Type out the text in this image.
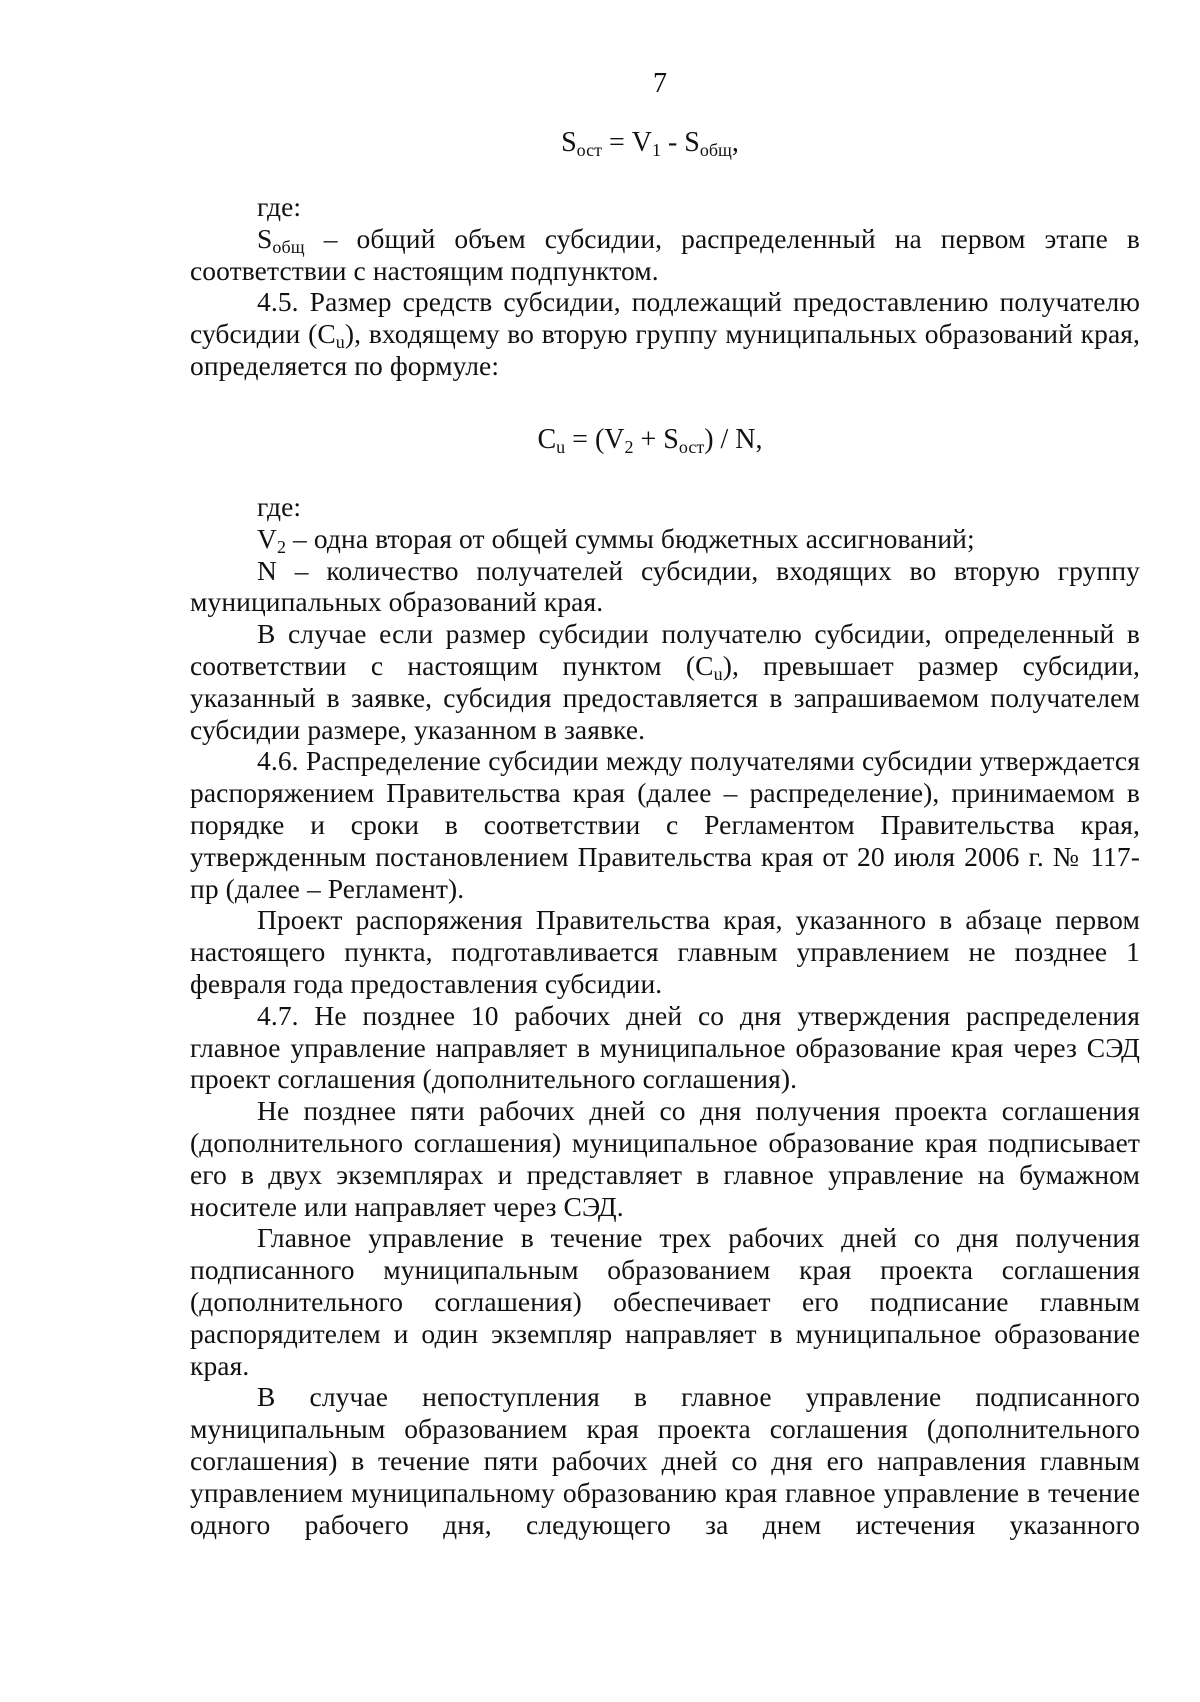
7
$S_{ост} = V_1 - S_{общ}$,

где:

$S_{общ}$ – общий объем субсидии, распределенный на первом этапе в соответствии с настоящим подпунктом.

4.5. Размер средств субсидии, подлежащий предоставлению получателю субсидии $(C_u)$, входящему во вторую группу муниципальных образований края, определяется по формуле:

$C_u = (V_2 + S_{ост}) / N$,

где:

$V_2$ – одна вторая от общей суммы бюджетных ассигнований;

N – количество получателей субсидии, входящих во вторую группу муниципальных образований края.

В случае если размер субсидии получателю субсидии, определенный в соответствии с настоящим пунктом $(C_u)$, превышает размер субсидии, указанный в заявке, субсидия предоставляется в запрашиваемом получателем субсидии размере, указанном в заявке.

4.6. Распределение субсидии между получателями субсидии утверждается распоряжением Правительства края (далее – распределение), принимаемом в порядке и сроки в соответствии с Регламентом Правительства края, утвержденным постановлением Правительства края от 20 июля 2006 г. № 117-пр (далее – Регламент).

Проект распоряжения Правительства края, указанного в абзаце первом настоящего пункта, подготавливается главным управлением не позднее 1 февраля года предоставления субсидии.

4.7. Не позднее 10 рабочих дней со дня утверждения распределения главное управление направляет в муниципальное образование края через СЭД проект соглашения (дополнительного соглашения).

Не позднее пяти рабочих дней со дня получения проекта соглашения (дополнительного соглашения) муниципальное образование края подписывает его в двух экземплярах и представляет в главное управление на бумажном носителе или направляет через СЭД.

Главное управление в течение трех рабочих дней со дня получения подписанного муниципальным образованием края проекта соглашения (дополнительного соглашения) обеспечивает его подписание главным распорядителем и один экземпляр направляет в муниципальное образование края.

В случае непоступления в главное управление подписанного муниципальным образованием края проекта соглашения (дополнительного соглашения) в течение пяти рабочих дней со дня его направления главным управлением муниципальному образованию края главное управление в течение одного рабочего дня, следующего за днем истечения указанного
